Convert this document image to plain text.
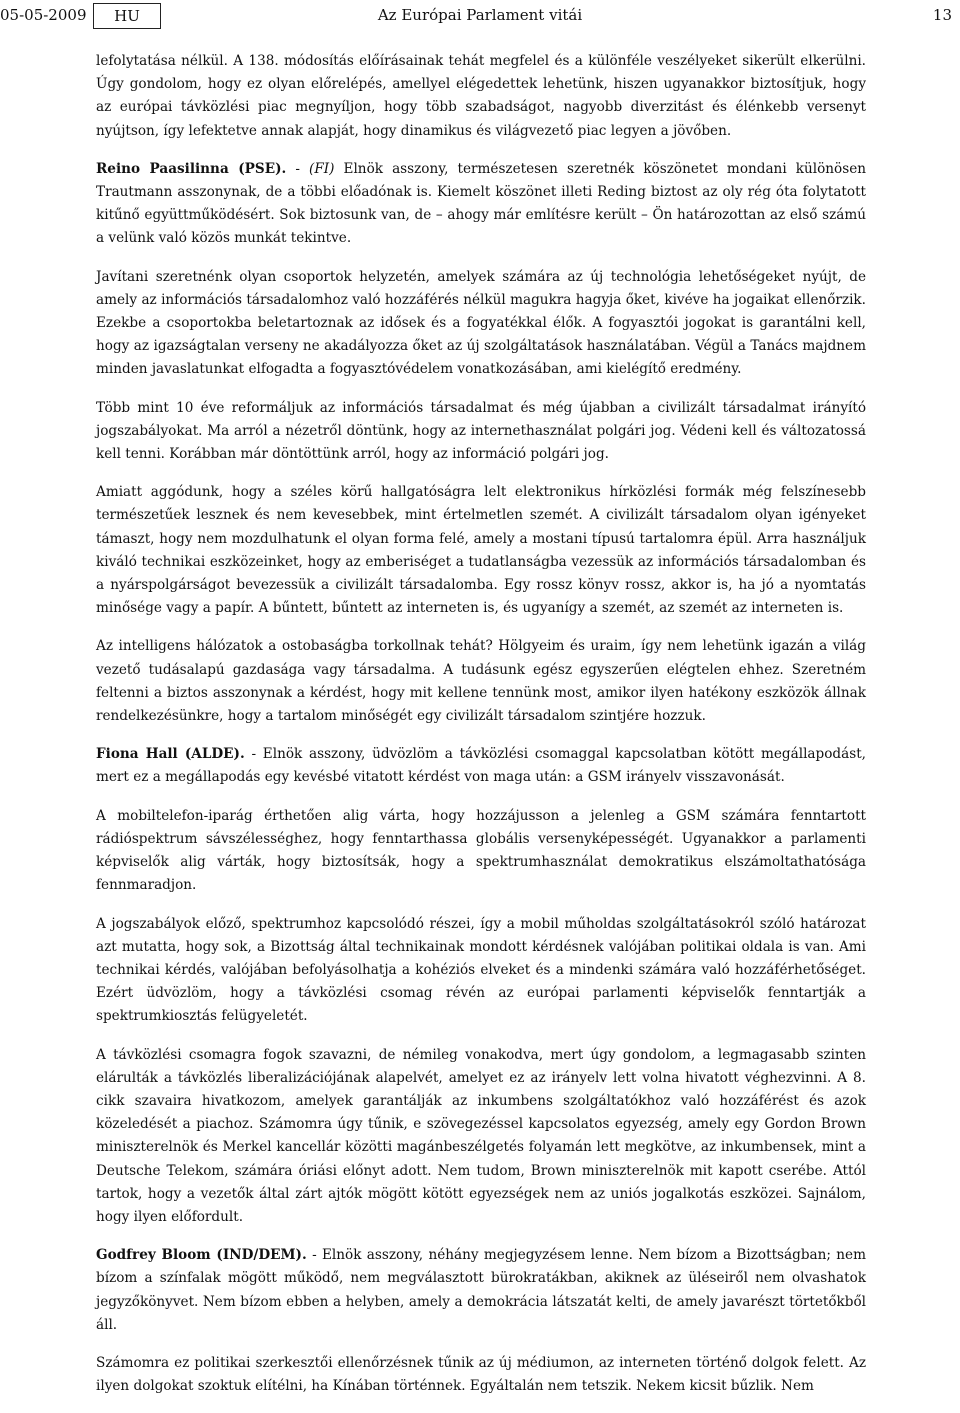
05-05-2009	HU	Az Európai Parlament vitái	13

lefolytatása nélkül. A 138. módosítás előírásainak tehát megfelel és a különféle veszélyeket sikerült elkerülni. Úgy gondolom, hogy ez olyan előrelépés, amellyel elégedettek lehetünk, hiszen ugyanakkor biztosítjuk, hogy az európai távközlési piac megnyíljon, hogy több szabadságot, nagyobb diverzitást és élénkebb versenyt nyújtson, így lefektetve annak alapját, hogy dinamikus és világvezető piac legyen a jövőben.

Reino Paasilinna (PSE). - (FI) Elnök asszony, természetesen szeretnék köszönetet mondani különösen Trautmann asszonynak, de a többi előadónak is. Kiemelt köszönet illeti Reding biztost az oly rég óta folytatott kitűnő együttműködésért. Sok biztosunk van, de – ahogy már említésre került – Ön határozottan az első számú a velünk való közös munkát tekintve.

Javítani szeretnénk olyan csoportok helyzetén, amelyek számára az új technológia lehetőségeket nyújt, de amely az információs társadalomhoz való hozzáférés nélkül magukra hagyja őket, kivéve ha jogaikat ellenőrzik. Ezekbe a csoportokba beletartoznak az idősek és a fogyatékkal élők. A fogyasztói jogokat is garantálni kell, hogy az igazságtalan verseny ne akadályozza őket az új szolgáltatások használatában. Végül a Tanács majdnem minden javaslatunkat elfogadta a fogyasztóvédelem vonatkozásában, ami kielégítő eredmény.

Több mint 10 éve reformáljuk az információs társadalmat és még újabban a civilizált társadalmat irányító jogszabályokat. Ma arról a nézetről döntünk, hogy az internethasználat polgári jog. Védeni kell és változatossá kell tenni. Korábban már döntöttünk arról, hogy az információ polgári jog.

Amiatt aggódunk, hogy a széles körű hallgatóságra lelt elektronikus hírközlési formák még felszínesebb természetűek lesznek és nem kevesebbek, mint értelmetlen szemét. A civilizált társadalom olyan igényeket támaszt, hogy nem mozdulhatunk el olyan forma felé, amely a mostani típusú tartalomra épül. Arra használjuk kiváló technikai eszközeinket, hogy az emberiséget a tudatlanságba vezessük az információs társadalomban és a nyárspolgárságot bevezessük a civilizált társadalomba. Egy rossz könyv rossz, akkor is, ha jó a nyomtatás minősége vagy a papír. A bűntett, bűntett az interneten is, és ugyanígy a szemét, az szemét az interneten is.

Az intelligens hálózatok a ostobaságba torkollnak tehát? Hölgyeim és uraim, így nem lehetünk igazán a világ vezető tudásalapú gazdasága vagy társadalma. A tudásunk egész egyszerűen elégtelen ehhez. Szeretném feltenni a biztos asszonynak a kérdést, hogy mit kellene tennünk most, amikor ilyen hatékony eszközök állnak rendelkezésünkre, hogy a tartalom minőségét egy civilizált társadalom szintjére hozzuk.

Fiona Hall (ALDE). - Elnök asszony, üdvözlöm a távközlési csomaggal kapcsolatban kötött megállapodást, mert ez a megállapodás egy kevésbé vitatott kérdést von maga után: a GSM irányelv visszavonását.

A mobiltelefon-iparág érthetően alig várta, hogy hozzájusson a jelenleg a GSM számára fenntartott rádióspektrum sávszélességhez, hogy fenntarthassa globális versenyképességét. Ugyanakkor a parlamenti képviselők alig várták, hogy biztosítsák, hogy a spektrumhasználat demokratikus elszámoltathatósága fennmaradjon.

A jogszabályok előző, spektrumhoz kapcsolódó részei, így a mobil műholdas szolgáltatásokról szóló határozat azt mutatta, hogy sok, a Bizottság által technikainak mondott kérdésnek valójában politikai oldala is van. Ami technikai kérdés, valójában befolyásolhatja a kohéziós elveket és a mindenki számára való hozzáférhetőséget. Ezért üdvözlöm, hogy a távközlési csomag révén az európai parlamenti képviselők fenntartják a spektrumkiosztás felügyeletét.

A távközlési csomagra fogok szavazni, de némileg vonakodva, mert úgy gondolom, a legmagasabb szinten elárulták a távközlés liberalizációjának alapelvét, amelyet ez az irányelv lett volna hivatott véghezvinni. A 8. cikk szavaira hivatkozom, amelyek garantálják az inkumbens szolgáltatókhoz való hozzáférést és azok közeledését a piachoz. Számomra úgy tűnik, e szövegezéssel kapcsolatos egyezség, amely egy Gordon Brown miniszterelnök és Merkel kancellár közötti magánbeszélgetés folyamán lett megkötve, az inkumbensek, mint a Deutsche Telekom, számára óriási előnyt adott. Nem tudom, Brown miniszterelnök mit kapott cserébe. Attól tartok, hogy a vezetők által zárt ajtók mögött kötött egyezségek nem az uniós jogalkotás eszközei. Sajnálom, hogy ilyen előfordult.

Godfrey Bloom (IND/DEM). - Elnök asszony, néhány megjegyzésem lenne. Nem bízom a Bizottságban; nem bízom a színfalak mögött működő, nem megválasztott bürokratákban, akiknek az üléseiről nem olvashatok jegyzőkönyvet. Nem bízom ebben a helyben, amely a demokrácia látszatát kelti, de amely javarészt törtetőkből áll.

Számomra ez politikai szerkesztői ellenőrzésnek tűnik az új médiumon, az interneten történő dolgok felett. Az ilyen dolgokat szoktuk elítélni, ha Kínában történnek. Egyáltalán nem tetszik. Nekem kicsit bűzlik. Nem
